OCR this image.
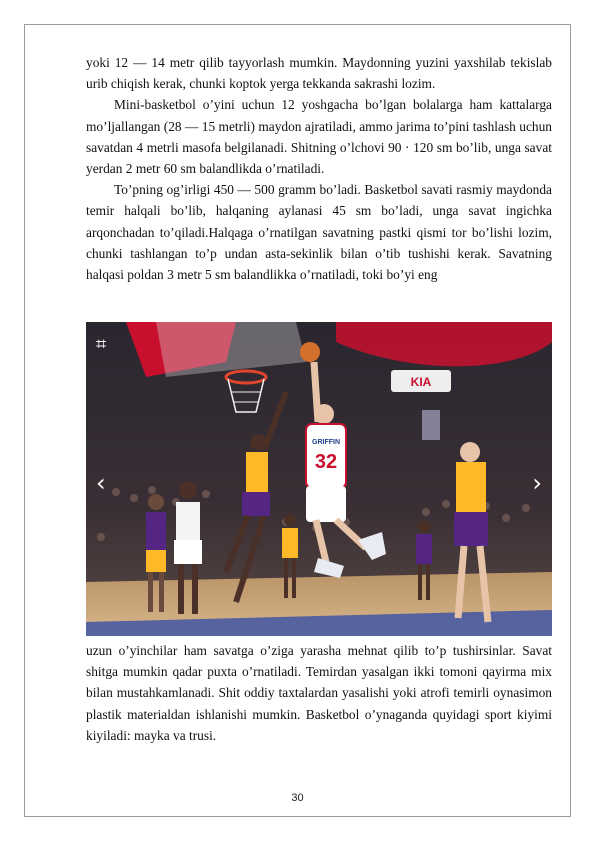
yoki 12 — 14 metr qilib tayyorlash mumkin. Maydonning yuzini yaxshilab tekislab urib chiqish kerak, chunki koptok yerga tekkanda sakrashi lozim.

Mini-basketbol o’yini uchun 12 yoshgacha bo’lgan bolalarga ham kattalarga mo’ljallangan (28 — 15 metrli) maydon ajratiladi, ammo jarima to’pini tashlash uchun savatdan 4 metrli masofa belgilanadi. Shitning o’lchovi 90 · 120 sm bo’lib, unga savat yerdan 2 metr 60 sm balandlikda o’rnatiladi.

To’pning og’irligi 450 — 500 gramm bo’ladi. Basketbol savati rasmiy maydonda temir halqali bo’lib, halqaning aylanasi 45 sm bo’ladi, unga savat ingichka arqonchadan to’qiladi.Halqaga o’rnatilgan savatning pastki qismi tor bo’lishi lozim, chunki tashlangan to’p undan asta-sekinlik bilan o’tib tushishi kerak. Savatning halqasi poldan 3 metr 5 sm balandlikka o’rnatiladi, toki bo’yi eng

KIA
GRIFFIN
32
⌗
‹	›

uzun o’yinchilar ham savatga o’ziga yarasha mehnat qilib to’p tushirsinlar. Savat shitga mumkin qadar puxta o’rnatiladi. Temirdan yasalgan ikki tomoni qayirma mix bilan mustahkamlanadi. Shit oddiy taxtalardan yasalishi yoki atrofi temirli oynasimon plastik materialdan ishlanishi mumkin. Basketbol o’ynaganda quyidagi sport kiyimi kiyiladi: mayka va trusi.

30
